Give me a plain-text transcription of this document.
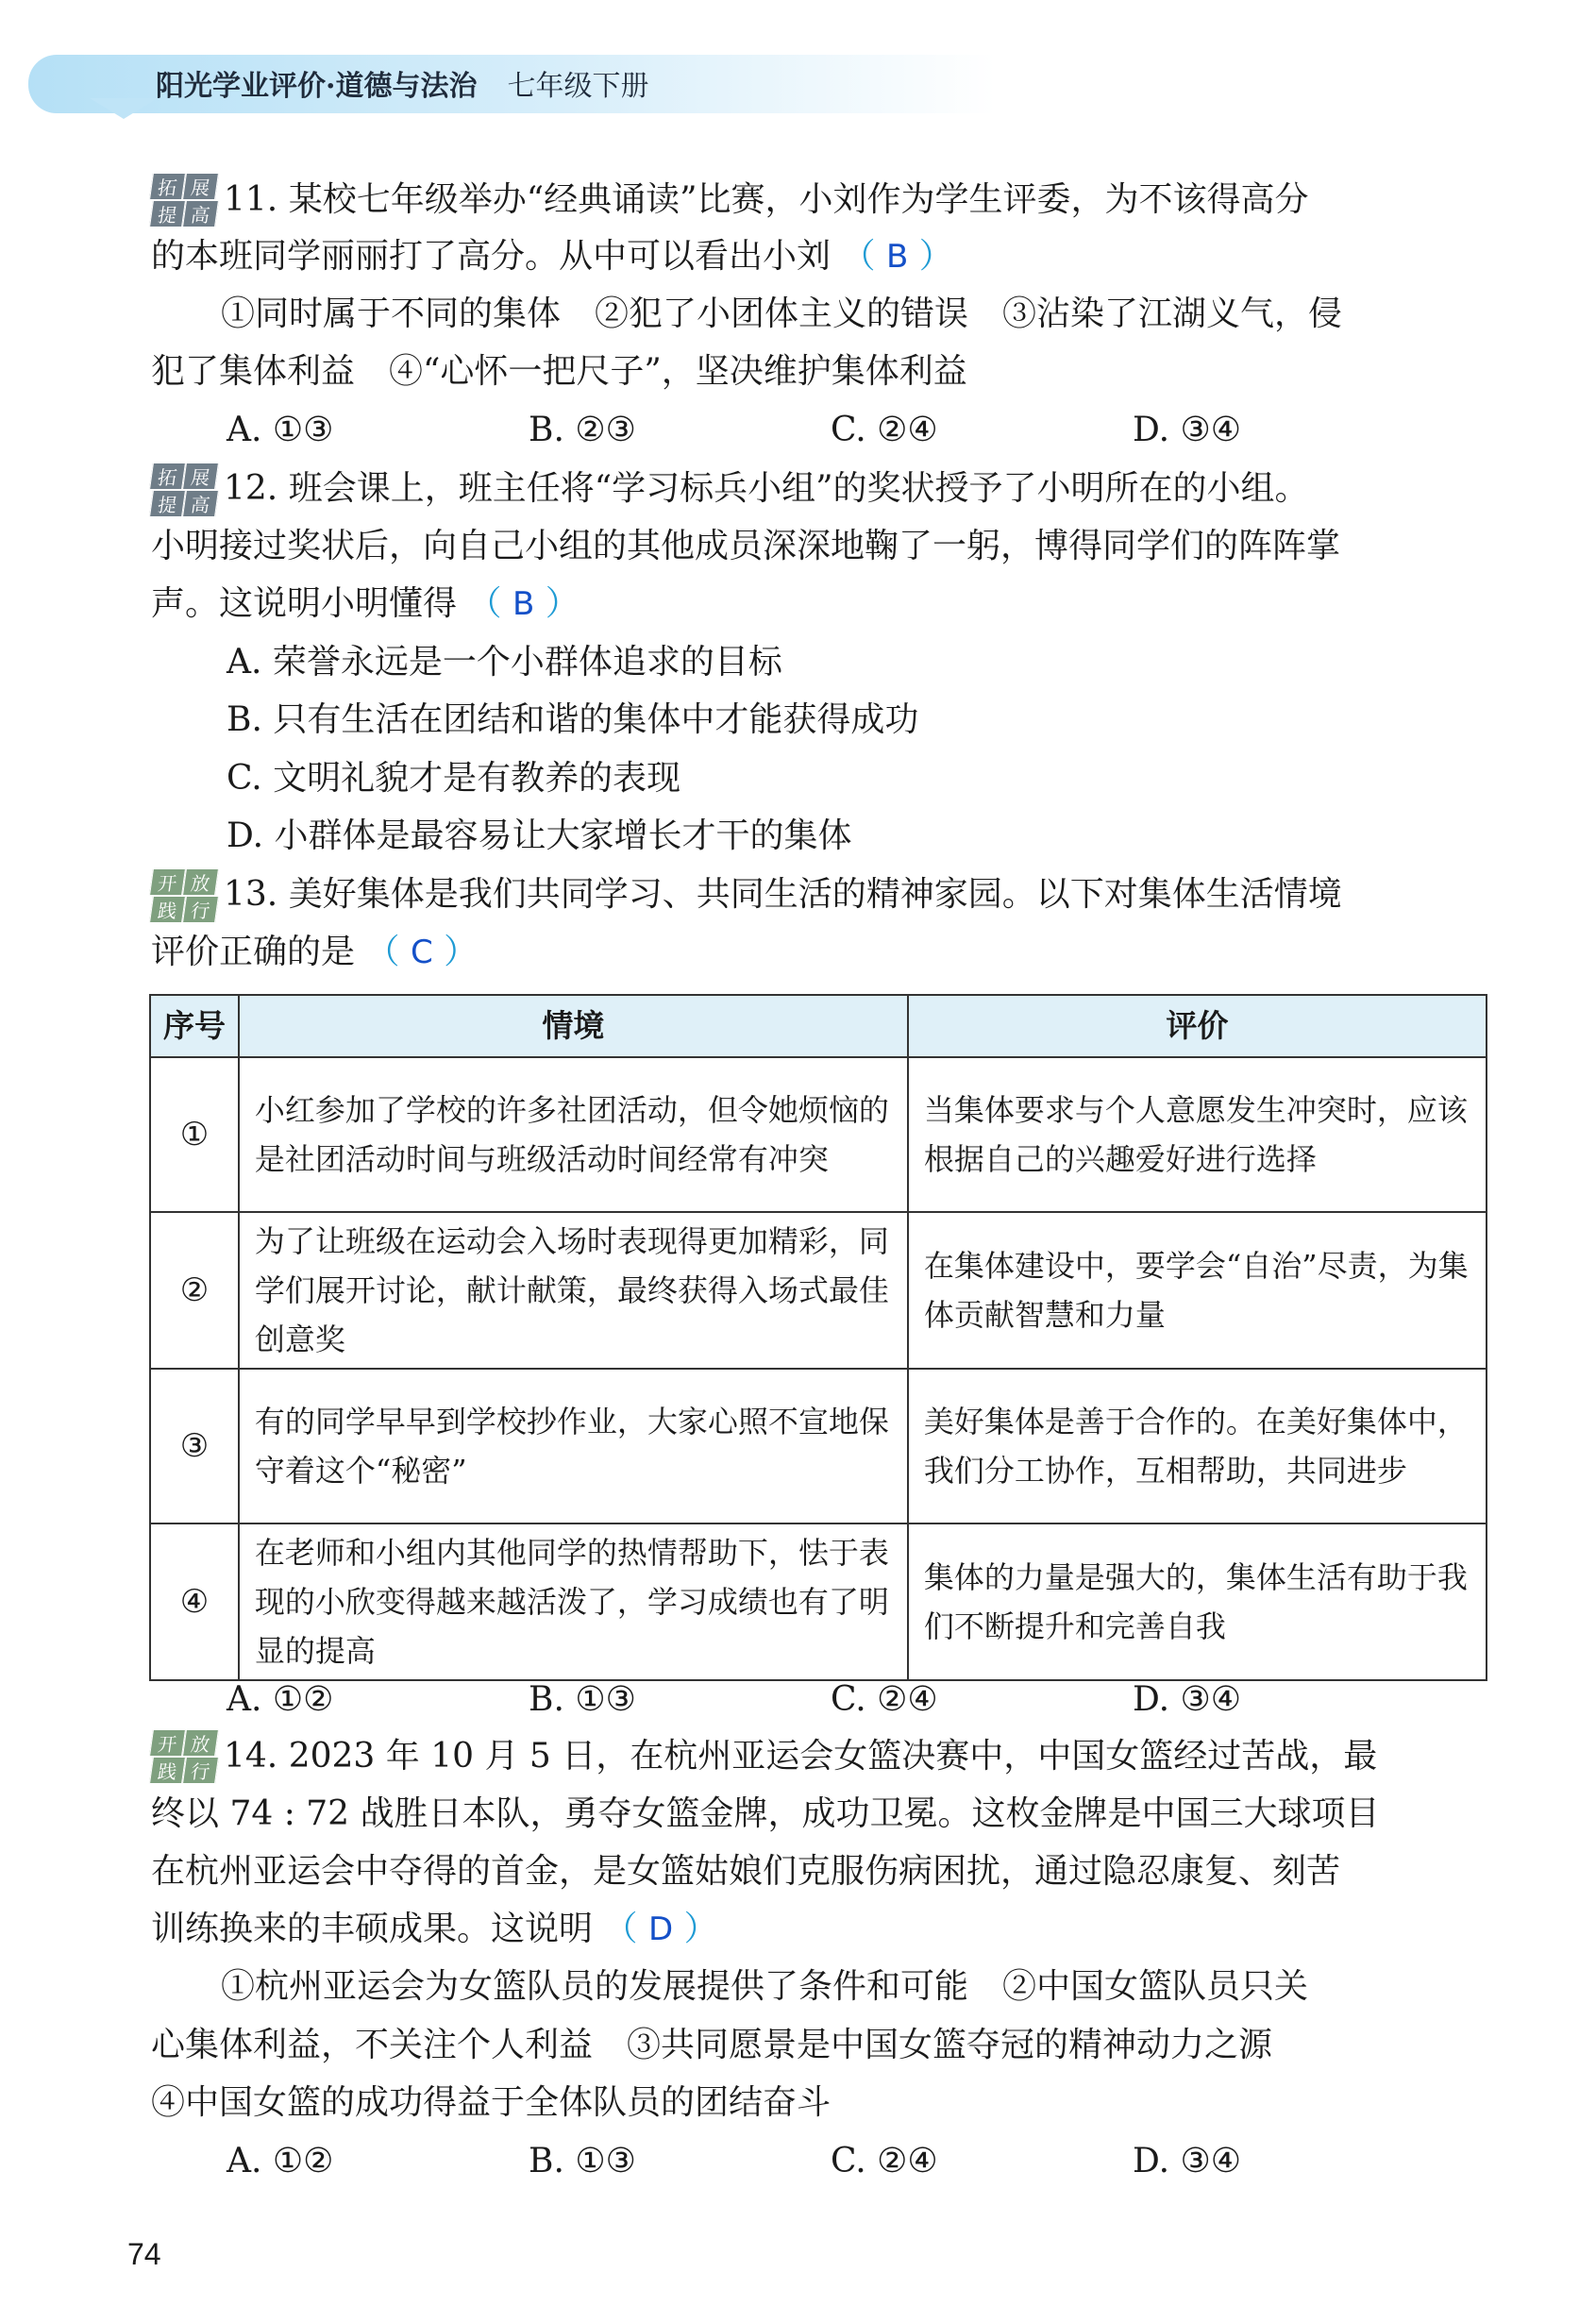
阳光学业评价·道德与法治 七年级下册
拓 展
提 高 11. 某校七年级举办“经典诵读”比赛，小刘作为学生评委，为不该得高分
的本班同学丽丽打了高分。从中可以看出小刘 （ B ）
①同时属于不同的集体　②犯了小团体主义的错误　③沾染了江湖义气，侵
犯了集体利益　④“心怀一把尺子”，坚决维护集体利益
A. ①③	B. ②③	C. ②④	D. ③④
拓 展
提 高 12. 班会课上，班主任将“学习标兵小组”的奖状授予了小明所在的小组。
小明接过奖状后，向自己小组的其他成员深深地鞠了一躬，博得同学们的阵阵掌
声。这说明小明懂得 （ B ）
A. 荣誉永远是一个小群体追求的目标
B. 只有生活在团结和谐的集体中才能获得成功
C. 文明礼貌才是有教养的表现
D. 小群体是最容易让大家增长才干的集体
开 放
践 行 13. 美好集体是我们共同学习、共同生活的精神家园。以下对集体生活情境
评价正确的是 （ C ）
序号	情境	评价
①	小红参加了学校的许多社团活动，但令她烦恼的是社团活动时间与班级活动时间经常有冲突	当集体要求与个人意愿发生冲突时，应该根据自己的兴趣爱好进行选择
②	为了让班级在运动会入场时表现得更加精彩，同学们展开讨论，献计献策，最终获得入场式最佳创意奖	在集体建设中，要学会“自治”尽责，为集体贡献智慧和力量
③	有的同学早早到学校抄作业，大家心照不宣地保守着这个“秘密”	美好集体是善于合作的。在美好集体中，我们分工协作，互相帮助，共同进步
④	在老师和小组内其他同学的热情帮助下，怯于表现的小欣变得越来越活泼了，学习成绩也有了明显的提高	集体的力量是强大的，集体生活有助于我们不断提升和完善自我
A. ①②	B. ①③	C. ②④	D. ③④
开 放
践 行 14. 2023 年 10 月 5 日，在杭州亚运会女篮决赛中，中国女篮经过苦战，最
终以 74 : 72 战胜日本队，勇夺女篮金牌，成功卫冕。这枚金牌是中国三大球项目
在杭州亚运会中夺得的首金，是女篮姑娘们克服伤病困扰，通过隐忍康复、刻苦
训练换来的丰硕成果。这说明 （ D ）
①杭州亚运会为女篮队员的发展提供了条件和可能　②中国女篮队员只关
心集体利益，不关注个人利益　③共同愿景是中国女篮夺冠的精神动力之源
④中国女篮的成功得益于全体队员的团结奋斗
A. ①②	B. ①③	C. ②④	D. ③④
74
